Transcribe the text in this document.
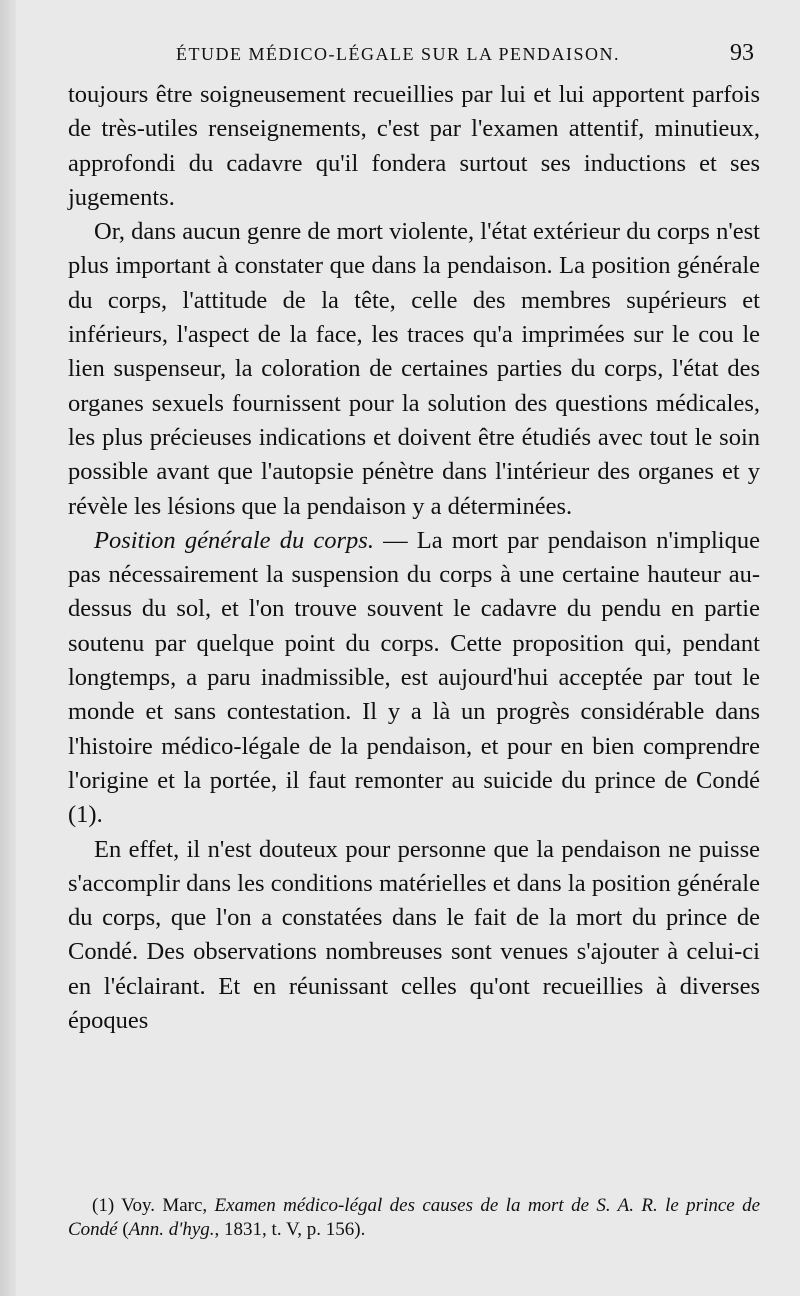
ÉTUDE MÉDICO-LÉGALE SUR LA PENDAISON.	93

toujours être soigneusement recueillies par lui et lui apportent parfois de très-utiles renseignements, c'est par l'examen attentif, minutieux, approfondi du cadavre qu'il fondera surtout ses inductions et ses jugements.

Or, dans aucun genre de mort violente, l'état extérieur du corps n'est plus important à constater que dans la pendaison. La position générale du corps, l'attitude de la tête, celle des membres supérieurs et inférieurs, l'aspect de la face, les traces qu'a imprimées sur le cou le lien suspenseur, la coloration de certaines parties du corps, l'état des organes sexuels fournissent pour la solution des questions médicales, les plus précieuses indications et doivent être étudiés avec tout le soin possible avant que l'autopsie pénètre dans l'intérieur des organes et y révèle les lésions que la pendaison y a déterminées.

Position générale du corps. — La mort par pendaison n'implique pas nécessairement la suspension du corps à une certaine hauteur au-dessus du sol, et l'on trouve souvent le cadavre du pendu en partie soutenu par quelque point du corps. Cette proposition qui, pendant longtemps, a paru inadmissible, est aujourd'hui acceptée par tout le monde et sans contestation. Il y a là un progrès considérable dans l'histoire médico-légale de la pendaison, et pour en bien comprendre l'origine et la portée, il faut remonter au suicide du prince de Condé (1).

En effet, il n'est douteux pour personne que la pendaison ne puisse s'accomplir dans les conditions matérielles et dans la position générale du corps, que l'on a constatées dans le fait de la mort du prince de Condé. Des observations nombreuses sont venues s'ajouter à celui-ci en l'éclairant. Et en réunissant celles qu'ont recueillies à diverses époques

(1) Voy. Marc, Examen médico-légal des causes de la mort de S. A. R. le prince de Condé (Ann. d'hyg., 1831, t. V, p. 156).
